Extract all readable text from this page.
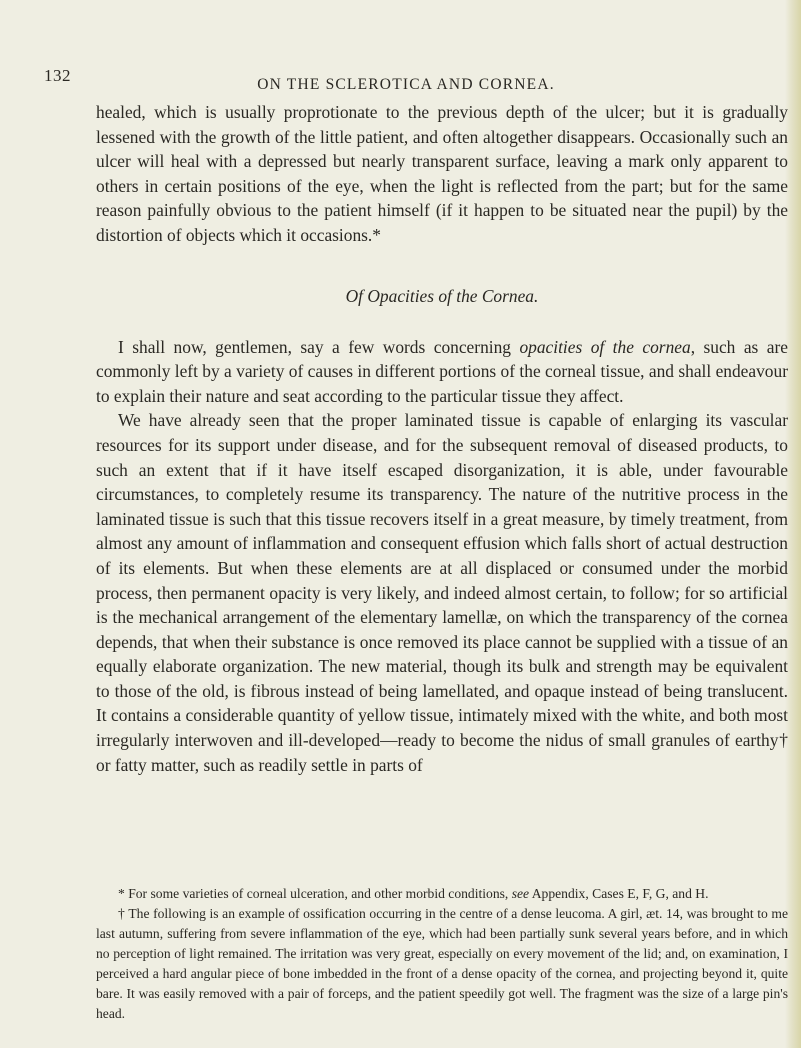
132	ON THE SCLEROTICA AND CORNEA.

healed, which is usually proprotionate to the previous depth of the ulcer; but it is gradually lessened with the growth of the little patient, and often altogether disappears. Occasionally such an ulcer will heal with a depressed but nearly transparent surface, leaving a mark only apparent to others in certain positions of the eye, when the light is reflected from the part; but for the same reason painfully obvious to the patient himself (if it happen to be situated near the pupil) by the distortion of objects which it occasions.*

Of Opacities of the Cornea.

I shall now, gentlemen, say a few words concerning opacities of the cornea, such as are commonly left by a variety of causes in different portions of the corneal tissue, and shall endeavour to explain their nature and seat according to the particular tissue they affect.

We have already seen that the proper laminated tissue is capable of enlarging its vascular resources for its support under disease, and for the subsequent removal of diseased products, to such an extent that if it have itself escaped disorganization, it is able, under favourable circumstances, to completely resume its transparency. The nature of the nutritive process in the laminated tissue is such that this tissue recovers itself in a great measure, by timely treatment, from almost any amount of inflammation and consequent effusion which falls short of actual destruction of its elements. But when these elements are at all displaced or consumed under the morbid process, then permanent opacity is very likely, and indeed almost certain, to follow; for so artificial is the mechanical arrangement of the elementary lamellæ, on which the transparency of the cornea depends, that when their substance is once removed its place cannot be supplied with a tissue of an equally elaborate organization. The new material, though its bulk and strength may be equivalent to those of the old, is fibrous instead of being lamellated, and opaque instead of being translucent. It contains a considerable quantity of yellow tissue, intimately mixed with the white, and both most irregularly interwoven and ill-developed—ready to become the nidus of small granules of earthy† or fatty matter, such as readily settle in parts of

* For some varieties of corneal ulceration, and other morbid conditions, see Appendix, Cases E, F, G, and H.

† The following is an example of ossification occurring in the centre of a dense leucoma. A girl, æt. 14, was brought to me last autumn, suffering from severe inflammation of the eye, which had been partially sunk several years before, and in which no perception of light remained. The irritation was very great, especially on every movement of the lid; and, on examination, I perceived a hard angular piece of bone imbedded in the front of a dense opacity of the cornea, and projecting beyond it, quite bare. It was easily removed with a pair of forceps, and the patient speedily got well. The fragment was the size of a large pin's head.
